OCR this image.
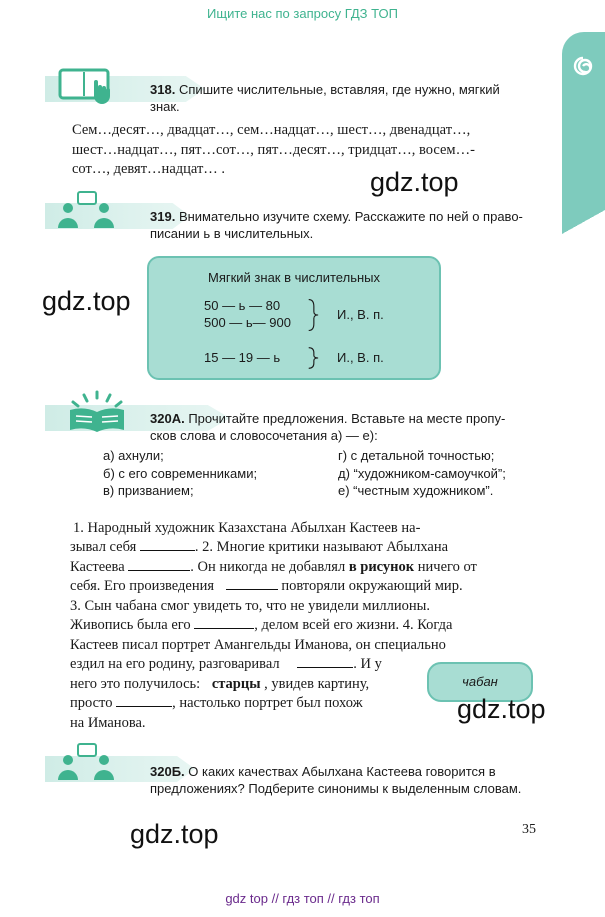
Ищите нас по запросу ГДЗ ТОП
gdz top // гдз топ // гдз топ
318. Спишите числительные, вставляя, где нужно, мягкий
знак.
Сем…десят…, двадцат…, сем…надцат…, шест…, двенадцат…,
шест…надцат…, пят…сот…, пят…десят…, тридцат…, восем…-
сот…, девят…надцат… .	gdz.top
319. Внимательно изучите схему. Расскажите по ней о право-
писании ь в числительных.
gdz.top
Мягкий знак в числительных
50 — ь — 80
500 — ь— 900
И., В. п.
15 — 19 — ь	И., В. п.
320А. Прочитайте предложения. Вставьте на месте пропу-
сков слова и словосочетания а) — е):
а) ахнули;
б) с его современниками;
в) призванием;
г) с детальной точностью;
д) “художником-самоучкой”;
е) “честным художником”.
1. Народный художник Казахстана Абылхан Кастеев на-
зывал себя	. 2. Многие критики называют Абылхана
Кастеева	. Он никогда не добавлял в рисунок ничего от
себя. Его произведения	повторяли окружающий мир.
3. Сын чабана смог увидеть то, что не увидели миллионы.
Живопись была его	, делом всей его жизни. 4. Когда
Кастеев писал портрет Амангельды Иманова, он специально
ездил на его родину, разговаривал	. И у
него это получилось: старцы , увидев картину,
просто	, настолько портрет был похож
на Иманова.
чабан
gdz.top
320Б. О каких качествах Абылхана Кастеева говорится в
предложениях? Подберите синонимы к выделенным словам.
gdz.top	35
